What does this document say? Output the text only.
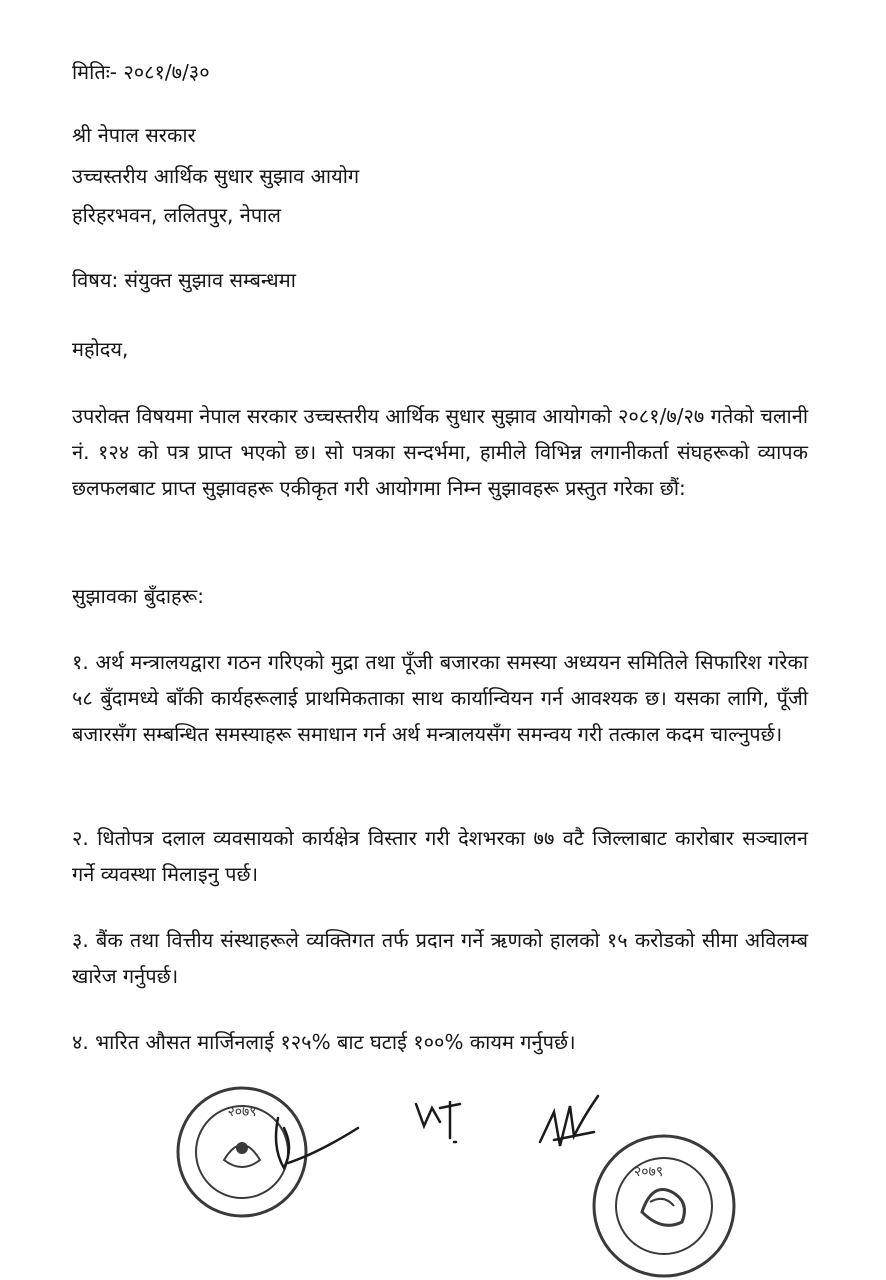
मितिः- २०८१/७/३०
श्री नेपाल सरकार
उच्चस्तरीय आर्थिक सुधार सुझाव आयोग
हरिहरभवन, ललितपुर, नेपाल
विषय: संयुक्त सुझाव सम्बन्धमा
महोदय,

उपरोक्त विषयमा नेपाल सरकार उच्चस्तरीय आर्थिक सुधार सुझाव आयोगको २०८१/७/२७ गतेको चलानी नं. १२४ को पत्र प्राप्त भएको छ। सो पत्रका सन्दर्भमा, हामीले विभिन्न लगानीकर्ता संघहरूको व्यापक छलफलबाट प्राप्त सुझावहरू एकीकृत गरी आयोगमा निम्न सुझावहरू प्रस्तुत गरेका छौं:

सुझावका बुँदाहरू:

१. अर्थ मन्त्रालयद्वारा गठन गरिएको मुद्रा तथा पूँजी बजारका समस्या अध्ययन समितिले सिफारिश गरेका ५८ बुँदामध्ये बाँकी कार्यहरूलाई प्राथमिकताका साथ कार्यान्वियन गर्न आवश्यक छ। यसका लागि, पूँजी बजारसँग सम्बन्धित समस्याहरू समाधान गर्न अर्थ मन्त्रालयसँग समन्वय गरी तत्काल कदम चाल्नुपर्छ।

२. धितोपत्र दलाल व्यवसायको कार्यक्षेत्र विस्तार गरी देशभरका ७७ वटै जिल्लाबाट कारोबार सञ्चालन गर्ने व्यवस्था मिलाइनु पर्छ।

३. बैंक तथा वित्तीय संस्थाहरूले व्यक्तिगत तर्फ प्रदान गर्ने ऋणको हालको १५ करोडको सीमा अविलम्ब खारेज गर्नुपर्छ।

४. भारित औसत मार्जिनलाई १२५% बाट घटाई १००% कायम गर्नुपर्छ।

२०७९
२०७९
